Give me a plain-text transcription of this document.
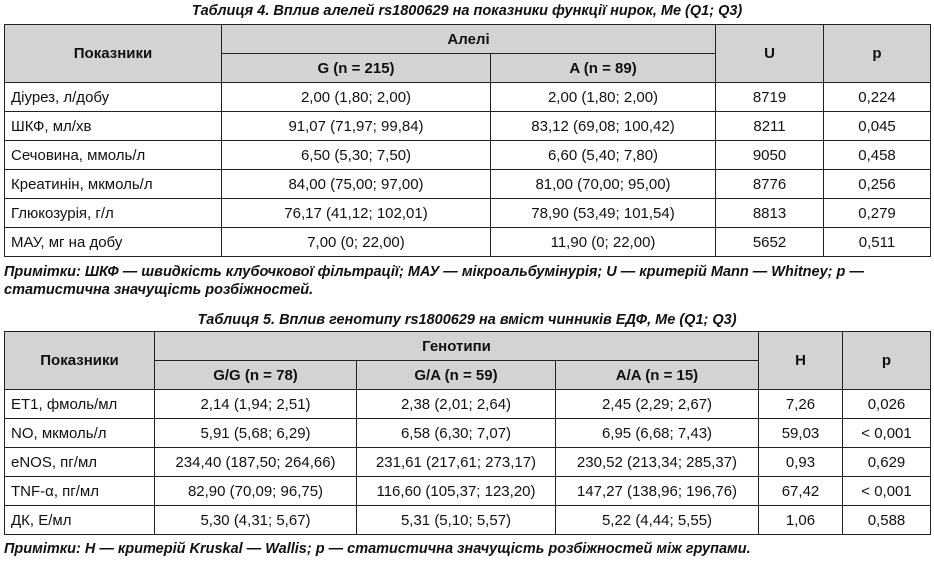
Таблиця 4. Вплив алелей rs1800629 на показники функції нирок, Ме (Q1; Q3)
Показники	Алелі		U	p
	G (n = 215)	A (n = 89)		
Діурез, л/добу	2,00 (1,80; 2,00)	2,00 (1,80; 2,00)	8719	0,224
ШКФ, мл/хв	91,07 (71,97; 99,84)	83,12 (69,08; 100,42)	8211	0,045
Сечовина, ммоль/л	6,50 (5,30; 7,50)	6,60 (5,40; 7,80)	9050	0,458
Креатинін, мкмоль/л	84,00 (75,00; 97,00)	81,00 (70,00; 95,00)	8776	0,256
Глюкозурія, г/л	76,17 (41,12; 102,01)	78,90 (53,49; 101,54)	8813	0,279
МАУ, мг на добу	7,00 (0; 22,00)	11,90 (0; 22,00)	5652	0,511
Примітки: ШКФ — швидкість клубочкової фільтрації; МАУ — мікроальбумінурія; U — критерій Mann — Whitney; p — статистична значущість розбіжностей.
Таблиця 5. Вплив генотипу rs1800629 на вміст чинників ЕДФ, Ме (Q1; Q3)
Показники	Генотипи			H	p
	G/G (n = 78)	G/A (n = 59)	A/A (n = 15)		
ЕТ1, фмоль/мл	2,14 (1,94; 2,51)	2,38 (2,01; 2,64)	2,45 (2,29; 2,67)	7,26	0,026
NO, мкмоль/л	5,91 (5,68; 6,29)	6,58 (6,30; 7,07)	6,95 (6,68; 7,43)	59,03	< 0,001
eNOS, пг/мл	234,40 (187,50; 264,66)	231,61 (217,61; 273,17)	230,52 (213,34; 285,37)	0,93	0,629
TNF-α, пг/мл	82,90 (70,09; 96,75)	116,60 (105,37; 123,20)	147,27 (138,96; 196,76)	67,42	< 0,001
ДК, Е/мл	5,30 (4,31; 5,67)	5,31 (5,10; 5,57)	5,22 (4,44; 5,55)	1,06	0,588
Примітки: H — критерій Kruskal — Wallis; p — статистична значущість розбіжностей між групами.
